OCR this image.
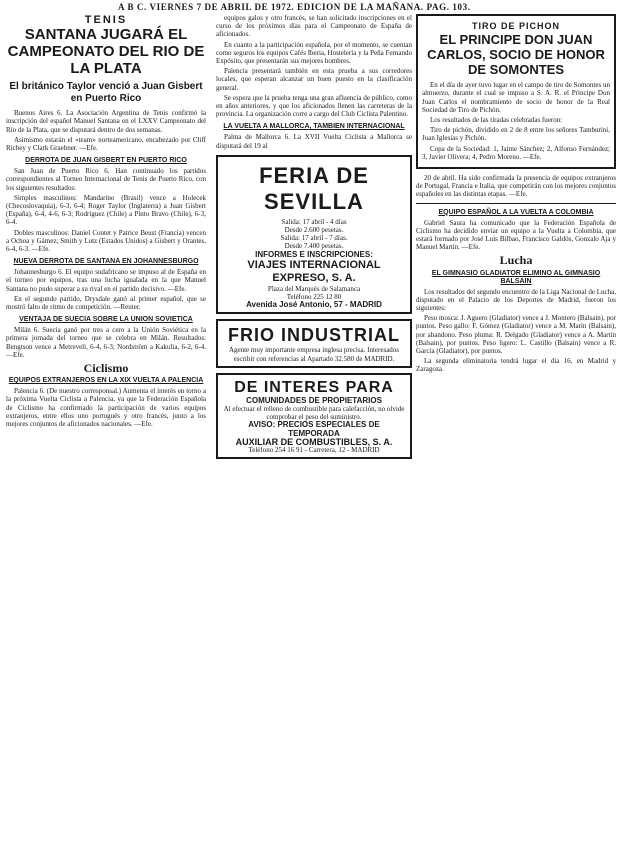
A B C. VIERNES 7 DE ABRIL DE 1972. EDICION DE LA MAÑANA. PAG. 103.
TENIS
SANTANA JUGARÁ EL CAMPEONATO DEL RIO DE LA PLATA
El británico Taylor venció a Juan Gisbert en Puerto Rico

Buenos Aires 6. La Asociación Argentina de Tenis confirmó la inscripción del español Manuel Santana en el LXXV Campeonato del Río de la Plata, que se disputará dentro de dos semanas.

Asimismo estarán el «team» norteamericano, encabezado por Cliff Richey y Clark Graebner. —Efe.

DERROTA DE JUAN GISBERT EN PUERTO RICO

San Juan de Puerto Rico 6. Han continuado los partidos correspondientes al Torneo Internacional de Tenis de Puerto Rico, con los siguientes resultados:

Simples masculinos: Mandarino (Brasil) vence a Holecek (Checoslovaquia), 6-3, 6-4; Roger Taylor (Inglaterra) a Juan Gisbert (España), 6-4, 4-6, 6-3; Rodríguez (Chile) a Pinto Bravo (Chile), 6-3, 6-4.

Dobles masculinos: Daniel Contet y Patrice Beust (Francia) vencen a Ochoa y Gámez; Smith y Lutz (Estados Unidos) a Gisbert y Orantes, 6-4, 6-3. —Efe.

NUEVA DERROTA DE SANTANA EN JOHANNESBURGO

Johannesburgo 6. El equipo sudafricano se impuso al de España en el torneo por equipos, tras una lucha igualada en la que Manuel Santana no pudo superar a su rival en el partido decisivo. —Efe.

En el segundo partido, Drysdale ganó al primer español, que se mostró falto de ritmo de competición. —Reuter.

VENTAJA DE SUECIA SOBRE LA UNION SOVIETICA

Milán 6. Suecia ganó por tres a cero a la Unión Soviética en la primera jornada del torneo que se celebra en Milán. Resultados: Bengtson vence a Metreveli, 6-4, 6-3; Nordström a Kakulia, 6-2, 6-4. —Efe.

Ciclismo
EQUIPOS EXTRANJEROS EN LA XIX VUELTA A PALENCIA

Palencia 6. (De nuestro corresponsal.) Aumenta el interés en torno a la próxima Vuelta Ciclista a Palencia, ya que la Federación Española de Ciclismo ha confirmado la participación de varios equipos extranjeros, entre ellos uno portugués y otro francés, junto a los mejores conjuntos de aficionados nacionales. —Efe.

equipos galos y otro francés, se han solicitado inscripciones en el curso de los próximos días para el Campeonato de España de aficionados.

En cuanto a la participación española, por el momento, se cuentan como seguros los equipos Cafés Iberia, Hostelería y la Peña Fernando Expósito, que presentarán sus mejores hombres.

Palencia presentará también en esta prueba a sus corredores locales, que esperan alcanzar un buen puesto en la clasificación general.

Se espera que la prueba tenga una gran afluencia de público, como en años anteriores, y que los aficionados llenen las carreteras de la provincia. La organización corre a cargo del Club Ciclista Palentino.

LA VUELTA A MALLORCA, TAMBIEN INTERNACIONAL

Palma de Mallorca 6. La XVII Vuelta Ciclista a Mallorca se disputará del 19 al

FERIA DE SEVILLA

Salida: 17 abril - 4 días

Desde 2.600 pesetas.

Salida: 17 abril - 7 días.

Desde 7.400 pesetas.

INFORMES E INSCRIPCIONES:

VIAJES INTERNACIONAL EXPRESO, S. A.

Plaza del Marqués de Salamanca

Teléfono 225 12 80

Avenida José Antonio, 57 - MADRID

FRIO INDUSTRIAL

Agente muy importante empresa inglesa precisa. Interesados escribir con referencias al Apartado 32.580 de MADRID.

DE INTERES PARA

COMUNIDADES DE PROPIETARIOS

Al efectuar el relleno de combustible para calefacción, no olvide comprobar el peso del suministro.

AVISO: PRECIOS ESPECIALES DE TEMPORADA

AUXILIAR DE COMBUSTIBLES, S. A.

Teléfono 254 16 91 - Carretera, 12 - MADRID

TIRO DE PICHON
EL PRINCIPE DON JUAN CARLOS, SOCIO DE HONOR DE SOMONTES

En el día de ayer tuvo lugar en el campo de tiro de Somontes un almuerzo, durante el cual se impuso a S. A. R. el Príncipe Don Juan Carlos el nombramiento de socio de honor de la Real Sociedad de Tiro de Pichón.

Los resultados de las tiradas celebradas fueron:

Tiro de pichón, dividido en 2 de 8 entre los señores Tamburini, Juan Iglesias y Pichón.

Copa de la Sociedad: 1, Jaime Sánchez; 2, Alfonso Fernández; 3, Javier Olivera; 4, Pedro Moreno. —Efe.

20 de abril. Ha sido confirmada la presencia de equipos extranjeros de Portugal, Francia e Italia, que competirán con los mejores conjuntos españoles en las distintas etapas. —Efe.

EQUIPO ESPAÑOL A LA VUELTA A COLOMBIA

Gabriel Saura ha comunicado que la Federación Española de Ciclismo ha decidido enviar un equipo a la Vuelta a Colombia, que estará formado por José Luis Bilbao, Francisco Galdós, Gonzalo Aja y Manuel Martín. —Efe.

Lucha
EL GIMNASIO GLADIATOR ELIMINO AL GIMNASIO BALSAIN

Los resultados del segundo encuentro de la Liga Nacional de Lucha, disputado en el Palacio de los Deportes de Madrid, fueron los siguientes:

Peso mosca: J. Aguero (Gladiator) vence a J. Montero (Balsain), por puntos. Peso gallo: F. Gómez (Gladiator) vence a M. Marín (Balsain), por abandono. Peso pluma: R. Delgado (Gladiator) vence a A. Martín (Balsain), por puntos. Peso ligero: L. Castillo (Balsain) vence a R. García (Gladiator), por puntos.

La segunda eliminatoria tendrá lugar el día 16, en Madrid y Zaragoza.
